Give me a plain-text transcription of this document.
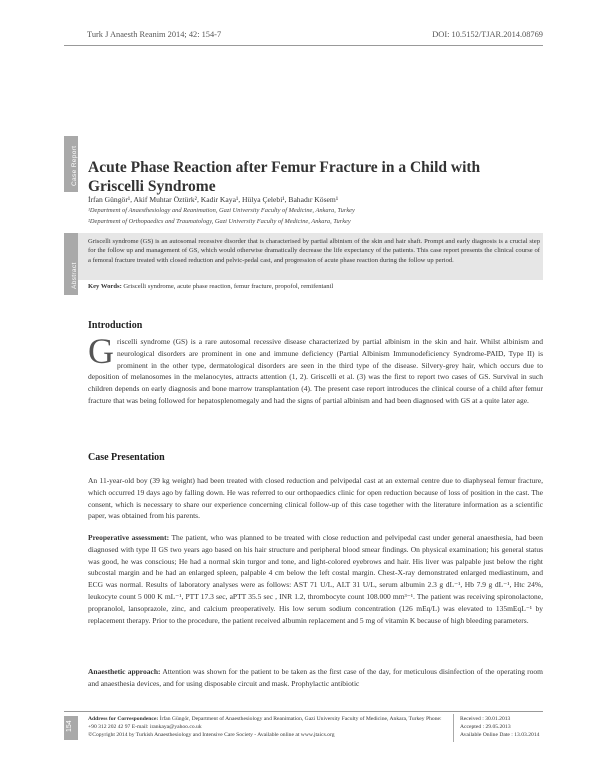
Turk J Anaesth Reanim 2014; 42: 154-7	DOI: 10.5152/TJAR.2014.08769
Case Report Acute Phase Reaction after Femur Fracture in a Child with Griscelli Syndrome
İrfan Güngör¹, Akif Muhtar Öztürk², Kadir Kaya¹, Hülya Çelebi¹, Bahadır Kösem¹
¹Department of Anaesthesiology and Reanimation, Gazi University Faculty of Medicine, Ankara, Turkey
²Department of Orthopaedics and Traumatology, Gazi University Faculty of Medicine, Ankara, Turkey
Abstract
Griscelli syndrome (GS) is an autosomal recessive disorder that is characterised by partial albinism of the skin and hair shaft. Prompt and early diagnosis is a crucial step for the follow up and management of GS, which would otherwise dramatically decrease the life expectancy of the patients. This case report presents the clinical course of a femoral fracture treated with closed reduction and pelvic-pedal cast, and progression of acute phase reaction during the follow up period.
Key Words: Griscelli syndrome, acute phase reaction, femur fracture, propofol, remifentanil
Introduction
G riscelli syndrome (GS) is a rare autosomal recessive disease characterized by partial albinism in the skin and hair. Whilst albinism and neurological disorders are prominent in one and immune deficiency (Partial Albinism Immunodeficiency Syndrome-PAID, Type II) is prominent in the other type, dermatological disorders are seen in the third type of the disease. Silvery-grey hair, which occurs due to deposition of melanosomes in the melanocytes, attracts attention (1, 2). Griscelli et al. (3) was the first to report two cases of GS. Survival in such children depends on early diagnosis and bone marrow transplantation (4). The present case report introduces the clinical course of a child after femur fracture that was being followed for hepatosplenomegaly and had the signs of partial albinism and had been diagnosed with GS at a quite later age.
Case Presentation
An 11-year-old boy (39 kg weight) had been treated with closed reduction and pelvipedal cast at an external centre due to diaphyseal femur fracture, which occurred 19 days ago by falling down. He was referred to our orthopaedics clinic for open reduction because of loss of position in the cast. The consent, which is necessary to share our experience concerning clinical follow-up of this case together with the literature information as a scientific paper, was obtained from his parents.
Preoperative assessment: The patient, who was planned to be treated with close reduction and pelvipedal cast under general anaesthesia, had been diagnosed with type II GS two years ago based on his hair structure and peripheral blood smear findings. On physical examination; his general status was good, he was conscious; He had a normal skin turgor and tone, and light-colored eyebrows and hair. His liver was palpable just below the right subcostal margin and he had an enlarged spleen, palpable 4 cm below the left costal margin. Chest-X-ray demonstrated enlarged mediastinum, and ECG was normal. Results of laboratory analyses were as follows: AST 71 U/L, ALT 31 U/L, serum albumin 2.3 g dL⁻¹, Hb 7.9 g dL⁻¹, Htc 24%, leukocyte count 5 000 K mL⁻¹, PTT 17.3 sec, aPTT 35.5 sec , INR 1.2, thrombocyte count 108.000 mm³⁻¹. The patient was receiving spironolactone, propranolol, lansoprazole, zinc, and calcium preoperatively. His low serum sodium concentration (126 mEq/L) was elevated to 135mEqL⁻¹ by replacement therapy. Prior to the procedure, the patient received albumin replacement and 5 mg of vitamin K because of high bleeding parameters.
Anaesthetic approach: Attention was shown for the patient to be taken as the first case of the day, for meticulous disinfection of the operating room and anaesthesia devices, and for using disposable circuit and mask. Prophylactic antibiotic
154
Address for Correspondence: İrfan Güngör, Department of Anaesthesiology and Reanimation, Gazi University Faculty of Medicine, Ankara, Turkey Phone: +90 312 202 42 97 E-mail: irankaya@yahoo.co.uk
©Copyright 2014 by Turkish Anaesthesiology and Intensive Care Society - Available online at www.jtaics.org
Received : 30.01.2013
Accepted : 29.05.2013
Available Online Date : 13.03.2014
